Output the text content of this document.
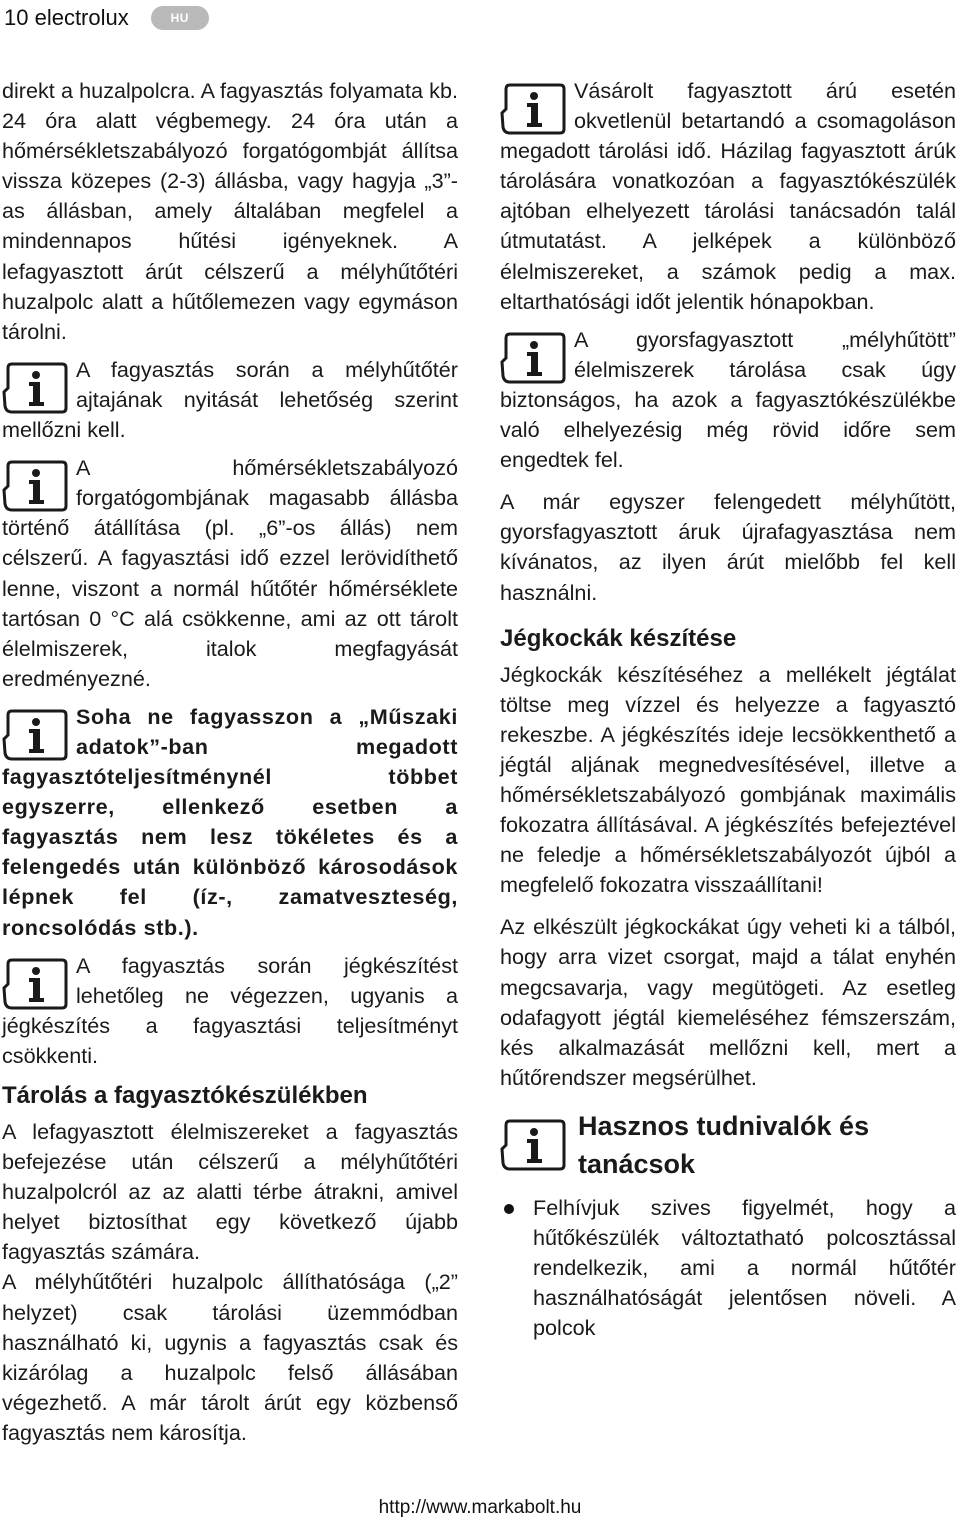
10 electrolux	HU

direkt a huzalpolcra. A fagyasztás folyamata kb. 24 óra alatt végbemegy. 24 óra után a hőmérsékletszabályozó forgatógombját állítsa vissza közepes (2-3) állásba, vagy hagyja „3”-as állásban, amely általában megfelel a mindennapos hűtési igényeknek. A lefagyasztott árút célszerű a mélyhűtőtéri huzalpolc alatt a hűtőlemezen vagy egymáson tárolni.

A fagyasztás során a mélyhűtőtér ajtajának nyitását lehetőség szerint mellőzni kell.

A hőmérsékletszabályozó forgatógombjának magasabb állásba történő átállítása (pl. „6”-os állás) nem célszerű. A fagyasztási idő ezzel lerövidíthető lenne, viszont a normál hűtőtér hőmérséklete tartósan 0 °C alá csökkenne, ami az ott tárolt élelmiszerek, italok megfagyását eredményezné.

Soha ne fagyasszon a „Műszaki adatok”-ban megadott fagyasztóteljesítménynél többet egyszerre, ellenkező esetben a fagyasztás nem lesz tökéletes és a felengedés után különböző károsodások lépnek fel (íz-, zamatveszteség, roncsolódás stb.).

A fagyasztás során jégkészítést lehetőleg ne végezzen, ugyanis a jégkészítés a fagyasztási teljesítményt csökkenti.

Tárolás a fagyasztókészülékben

A lefagyasztott élelmiszereket a fagyasztás befejezése után célszerű a mélyhűtőtéri huzalpolcról az az alatti térbe átrakni, amivel helyet biztosíthat egy következő újabb fagyasztás számára.

A mélyhűtőtéri huzalpolc állíthatósága („2” helyzet) csak tárolási üzemmódban használható ki, ugynis a fagyasztás csak és kizárólag a huzalpolc felső állásában végezhető. A már tárolt árút egy közbenső fagyasztás nem károsítja.

Vásárolt fagyasztott árú esetén okvetlenül betartandó a csomagoláson megadott tárolási idő. Házilag fagyasztott árúk tárolására vonatkozóan a fagyasztókészülék ajtóban elhelyezett tárolási tanácsadón talál útmutatást. A jelképek a különböző élelmiszereket, a számok pedig a max. eltarthatósági időt jelentik hónapokban.

A gyorsfagyasztott „mélyhűtött” élelmiszerek tárolása csak úgy biztonságos, ha azok a fagyasztókészülékbe való elhelyezésig még rövid időre sem engedtek fel.

A már egyszer felengedett mélyhűtött, gyorsfagyasztott áruk újrafagyasztása nem kívánatos, az ilyen árút mielőbb fel kell használni.

Jégkockák készítése

Jégkockák készítéséhez a mellékelt jégtálat töltse meg vízzel és helyezze a fagyasztó rekeszbe. A jégkészítés ideje lecsökkenthető a jégtál aljának megnedvesítésével, illetve a hőmérsékletszabályozó gombjának maximális fokozatra állításával. A jégkészítés befejeztével ne feledje a hőmérsékletszabályozót újból a megfelelő fokozatra visszaállítani!

Az elkészült jégkockákat úgy veheti ki a tálból, hogy arra vizet csorgat, majd a tálat enyhén megcsavarja, vagy megütögeti. Az esetleg odafagyott jégtál kiemeléséhez fémszerszám, kés alkalmazását mellőzni kell, mert a hűtőrendszer megsérülhet.

Hasznos tudnivalók és tanácsok
Felhívjuk szives figyelmét, hogy a hűtőkészülék változtatható polcosztással rendelkezik, ami a normál hűtőtér használhatóságát jelentősen növeli. A polcok
http://www.markabolt.hu
